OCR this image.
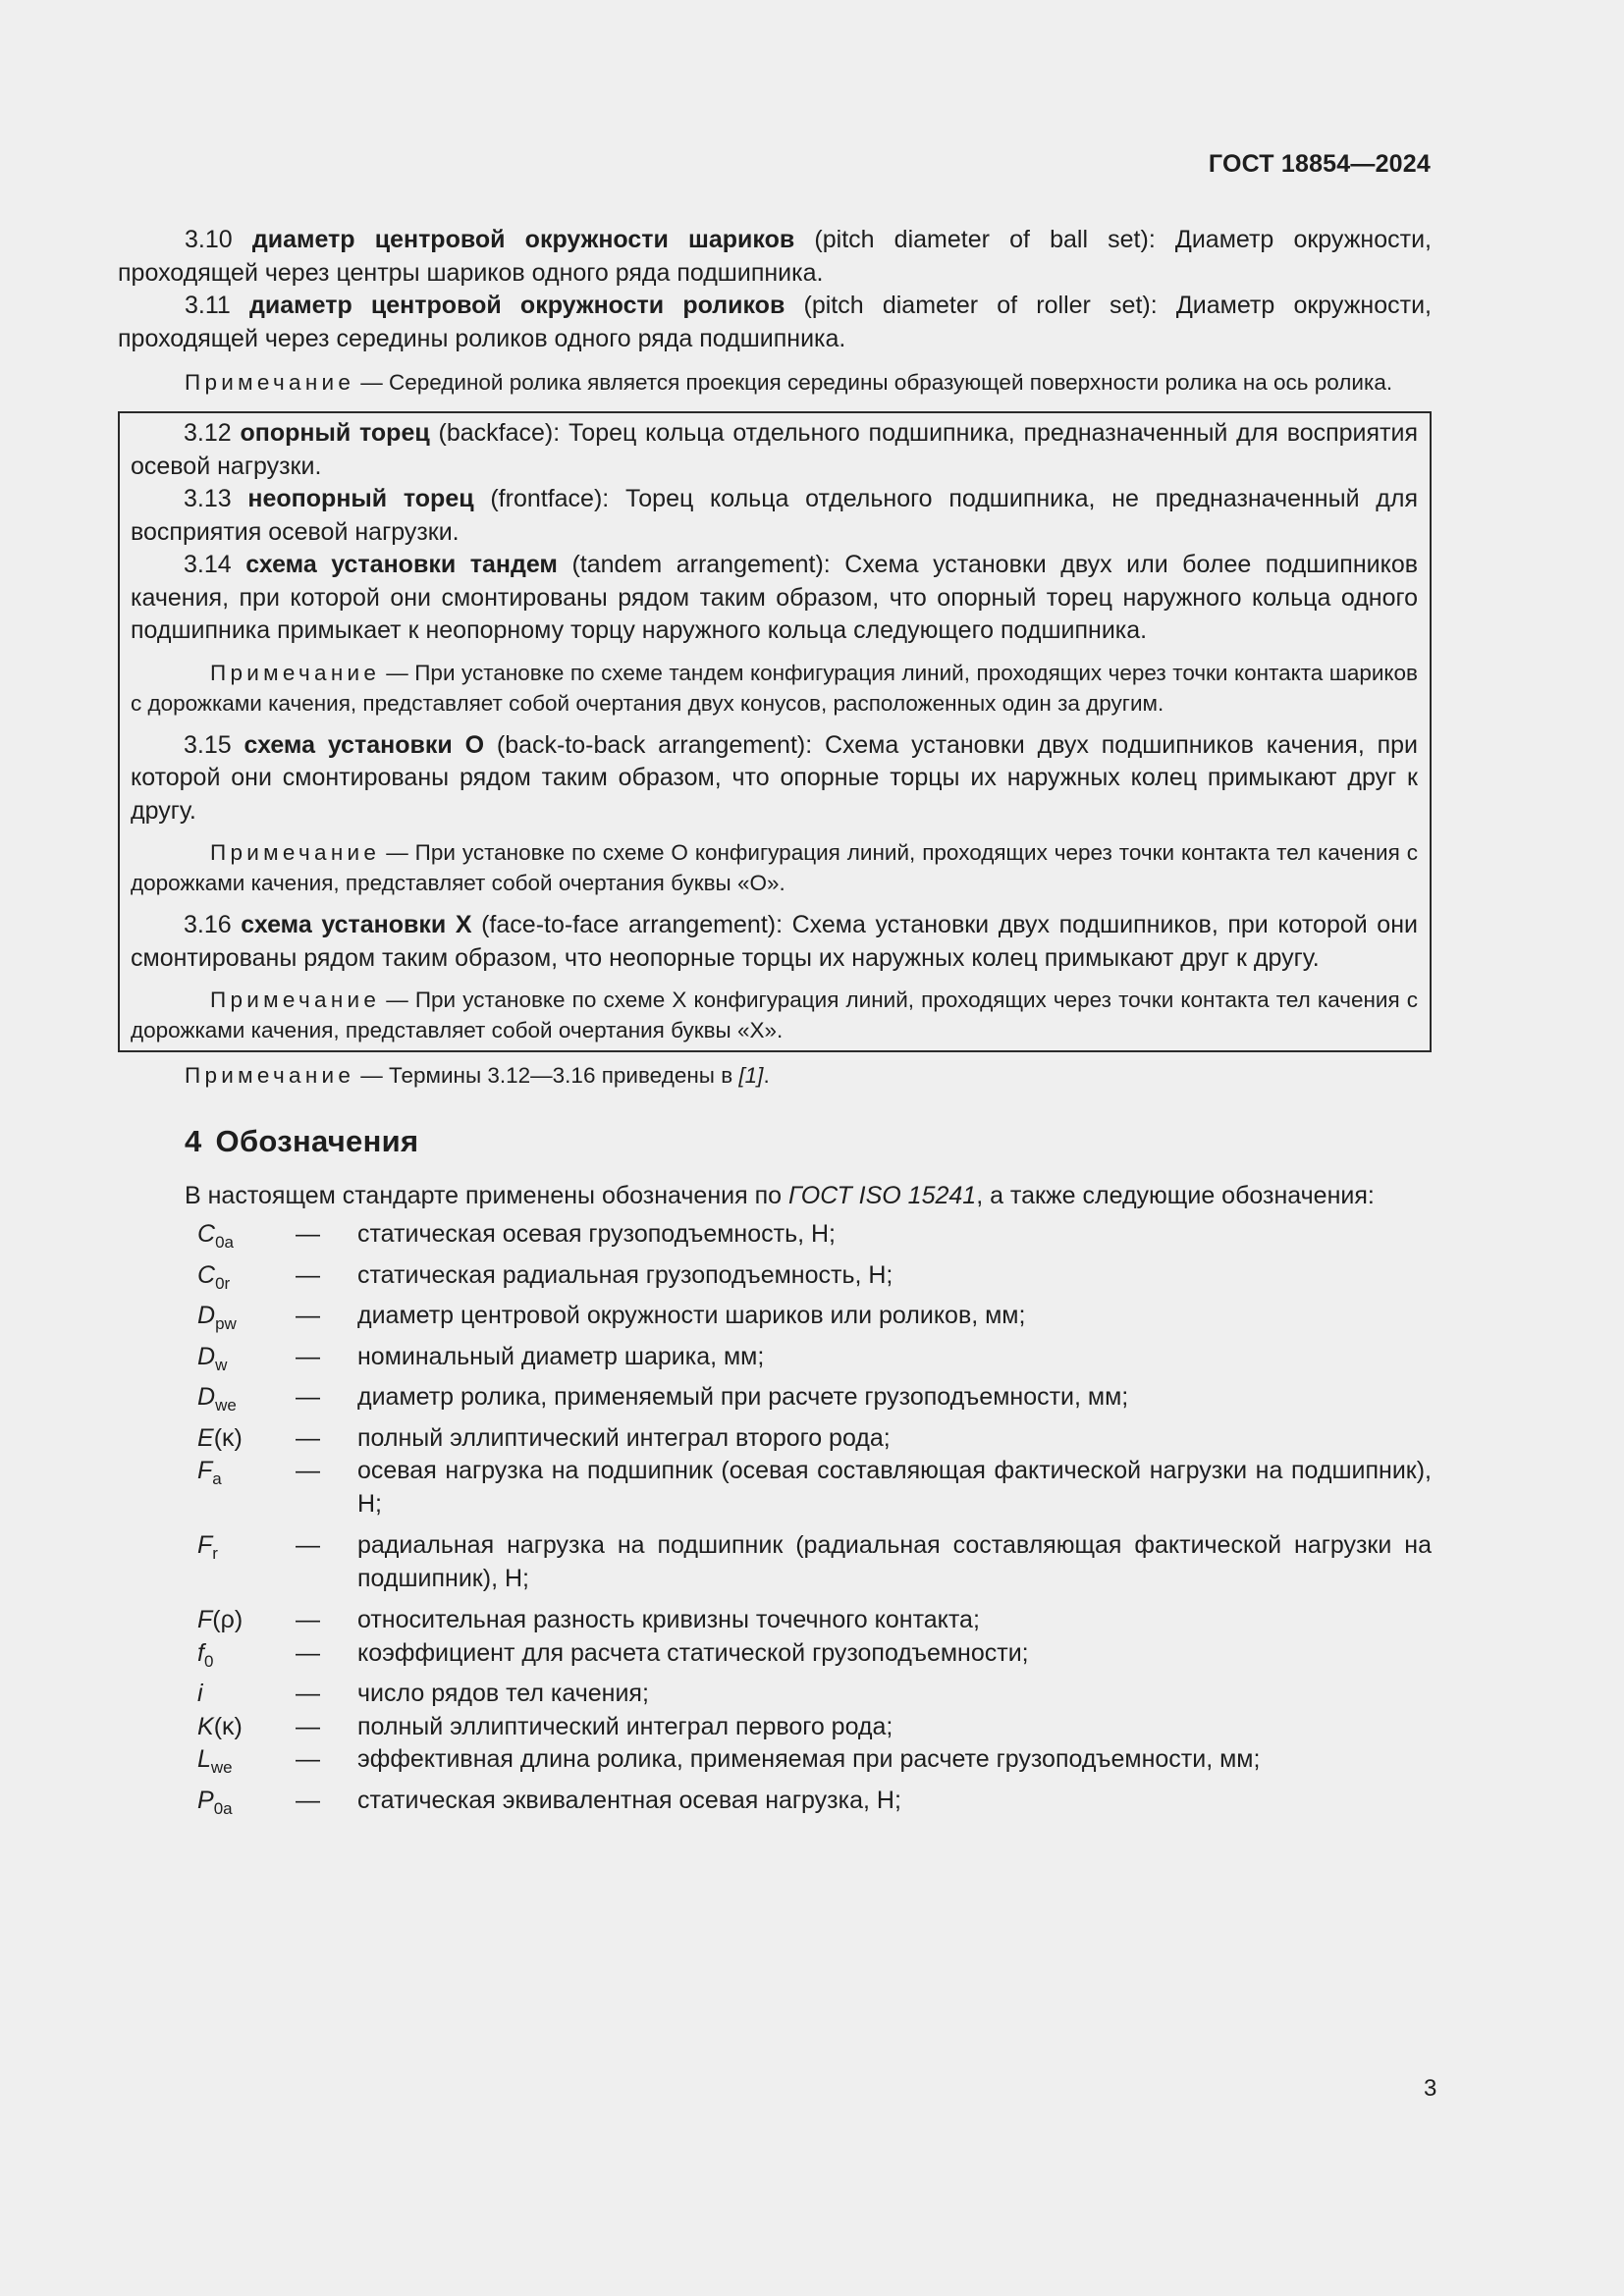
ГОСТ 18854—2024

3.10 диаметр центровой окружности шариков (pitch diameter of ball set): Диаметр окружности, проходящей через центры шариков одного ряда подшипника.

3.11 диаметр центровой окружности роликов (pitch diameter of roller set): Диаметр окружности, проходящей через середины роликов одного ряда подшипника.

Примечание — Серединой ролика является проекция середины образующей поверхности ролика на ось ролика.

3.12 опорный торец (backface): Торец кольца отдельного подшипника, предназначенный для восприятия осевой нагрузки.

3.13 неопорный торец (frontface): Торец кольца отдельного подшипника, не предназначенный для восприятия осевой нагрузки.

3.14 схема установки тандем (tandem arrangement): Схема установки двух или более подшипников качения, при которой они смонтированы рядом таким образом, что опорный торец наружного кольца одного подшипника примыкает к неопорному торцу наружного кольца следующего подшипника.

Примечание — При установке по схеме тандем конфигурация линий, проходящих через точки контакта шариков с дорожками качения, представляет собой очертания двух конусов, расположенных один за другим.

3.15 схема установки O (back-to-back arrangement): Схема установки двух подшипников качения, при которой они смонтированы рядом таким образом, что опорные торцы их наружных колец примыкают друг к другу.

Примечание — При установке по схеме O конфигурация линий, проходящих через точки контакта тел качения с дорожками качения, представляет собой очертания буквы «O».

3.16 схема установки X (face-to-face arrangement): Схема установки двух подшипников, при которой они смонтированы рядом таким образом, что неопорные торцы их наружных колец примыкают друг к другу.

Примечание — При установке по схеме X конфигурация линий, проходящих через точки контакта тел качения с дорожками качения, представляет собой очертания буквы «X».

Примечание — Термины 3.12—3.16 приведены в [1].

4 Обозначения

В настоящем стандарте применены обозначения по ГОСТ ISO 15241, а также следующие обозначения:

$C_{0a}$	—	статическая осевая грузоподъемность, Н;
$C_{0r}$	—	статическая радиальная грузоподъемность, Н;
$D_{pw}$	—	диаметр центровой окружности шариков или роликов, мм;
$D_w$	—	номинальный диаметр шарика, мм;
$D_{we}$	—	диаметр ролика, применяемый при расчете грузоподъемности, мм;
E(κ)	—	полный эллиптический интеграл второго рода;
$F_a$	—	осевая нагрузка на подшипник (осевая составляющая фактической нагрузки на подшипник), Н;
$F_r$	—	радиальная нагрузка на подшипник (радиальная составляющая фактической нагрузки на подшипник), Н;
F(ρ)	—	относительная разность кривизны точечного контакта;
$f_0$	—	коэффициент для расчета статической грузоподъемности;
i	—	число рядов тел качения;
K(κ)	—	полный эллиптический интеграл первого рода;
$L_{we}$	—	эффективная длина ролика, применяемая при расчете грузоподъемности, мм;
$P_{0a}$	—	статическая эквивалентная осевая нагрузка, Н;
3
